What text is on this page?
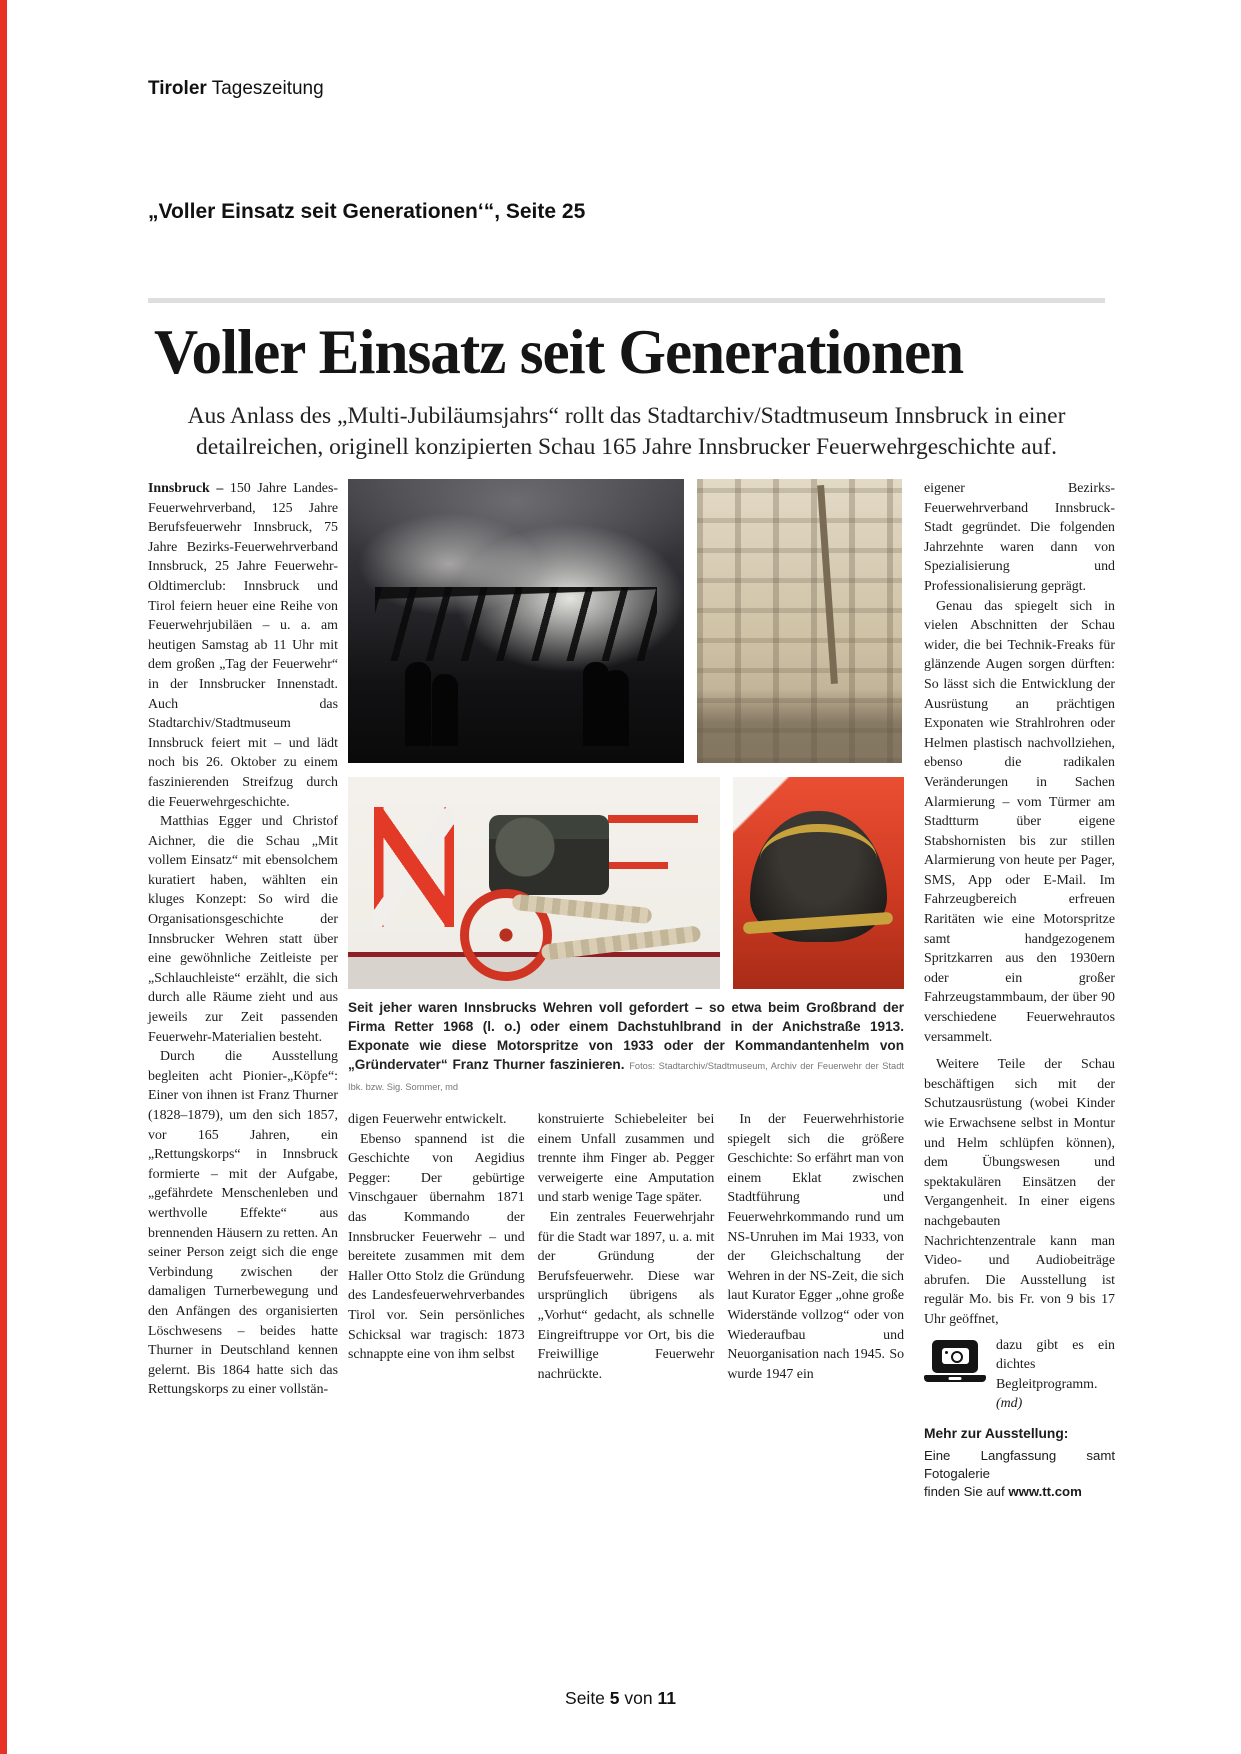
Tiroler Tageszeitung
„Voller Einsatz seit Generationen‘“, Seite 25
Voller Einsatz seit Generationen

Aus Anlass des „Multi-Jubiläumsjahrs“ rollt das Stadtarchiv/Stadtmuseum Innsbruck in einer detailreichen, originell konzipierten Schau 165 Jahre Innsbrucker Feuerwehrgeschichte auf.

Innsbruck – 150 Jahre Landes-Feuerwehrverband, 125 Jahre Berufsfeuerwehr Innsbruck, 75 Jahre Bezirks-Feuerwehrverband Innsbruck, 25 Jahre Feuerwehr-Oldtimerclub: Innsbruck und Tirol feiern heuer eine Reihe von Feuerwehrjubiläen – u. a. am heutigen Samstag ab 11 Uhr mit dem großen „Tag der Feuerwehr“ in der Innsbrucker Innenstadt. Auch das Stadtarchiv/Stadtmuseum Innsbruck feiert mit – und lädt noch bis 26. Oktober zu einem faszinierenden Streifzug durch die Feuerwehrgeschichte.

Matthias Egger und Christof Aichner, die die Schau „Mit vollem Einsatz“ mit ebensolchem kuratiert haben, wählten ein kluges Konzept: So wird die Organisationsgeschichte der Innsbrucker Wehren statt über eine gewöhnliche Zeitleiste per „Schlauchleiste“ erzählt, die sich durch alle Räume zieht und aus jeweils zur Zeit passenden Feuerwehr-Materialien besteht.

Durch die Ausstellung begleiten acht Pionier-„Köpfe“: Einer von ihnen ist Franz Thurner (1828–1879), um den sich 1857, vor 165 Jahren, ein „Rettungskorps“ in Innsbruck formierte – mit der Aufgabe, „gefährdete Menschenleben und werthvolle Effekte“ aus brennenden Häusern zu retten. An seiner Person zeigt sich die enge Verbindung zwischen der damaligen Turnerbewegung und den Anfängen des organisierten Löschwesens – beides hatte Thurner in Deutschland kennen gelernt. Bis 1864 hatte sich das Rettungskorps zu einer vollstän-

Seit jeher waren Innsbrucks Wehren voll gefordert – so etwa beim Großbrand der Firma Retter 1968 (l. o.) oder einem Dachstuhlbrand in der Anichstraße 1913. Exponate wie diese Motorspritze von 1933 oder der Kommandantenhelm von „Gründervater“ Franz Thurner faszinieren. Fotos: Stadtarchiv/Stadtmuseum, Archiv der Feuerwehr der Stadt Ibk. bzw. Sig. Sommer, md

digen Feuerwehr entwickelt.

Ebenso spannend ist die Geschichte von Aegidius Pegger: Der gebürtige Vinschgauer übernahm 1871 das Kommando der Innsbrucker Feuerwehr – und bereitete zusammen mit dem Haller Otto Stolz die Gründung des Landesfeuerwehrverbandes Tirol vor. Sein persönliches Schicksal war tragisch: 1873 schnappte eine von ihm selbst

konstruierte Schiebeleiter bei einem Unfall zusammen und trennte ihm Finger ab. Pegger verweigerte eine Amputation und starb wenige Tage später.

Ein zentrales Feuerwehrjahr für die Stadt war 1897, u. a. mit der Gründung der Berufsfeuerwehr. Diese war ursprünglich übrigens als „Vorhut“ gedacht, als schnelle Eingreiftruppe vor Ort, bis die Freiwillige Feuerwehr nachrückte.

In der Feuerwehrhistorie spiegelt sich die größere Geschichte: So erfährt man von einem Eklat zwischen Stadtführung und Feuerwehrkommando rund um NS-Unruhen im Mai 1933, von der Gleichschaltung der Wehren in der NS-Zeit, die sich laut Kurator Egger „ohne große Widerstände vollzog“ oder von Wiederaufbau und Neuorganisation nach 1945. So wurde 1947 ein

eigener Bezirks-Feuerwehrverband Innsbruck-Stadt gegründet. Die folgenden Jahrzehnte waren dann von Spezialisierung und Professionalisierung geprägt.

Genau das spiegelt sich in vielen Abschnitten der Schau wider, die bei Technik-Freaks für glänzende Augen sorgen dürften: So lässt sich die Entwicklung der Ausrüstung an prächtigen Exponaten wie Strahlrohren oder Helmen plastisch nachvollziehen, ebenso die radikalen Veränderungen in Sachen Alarmierung – vom Türmer am Stadtturm über eigene Stabshornisten bis zur stillen Alarmierung von heute per Pager, SMS, App oder E-Mail. Im Fahrzeugbereich erfreuen Raritäten wie eine Motorspritze samt handgezogenem Spritzkarren aus den 1930ern oder ein großer Fahrzeugstammbaum, der über 90 verschiedene Feuerwehrautos versammelt.

Weitere Teile der Schau beschäftigen sich mit der Schutzausrüstung (wobei Kinder wie Erwachsene selbst in Montur und Helm schlüpfen können), dem Übungswesen und spektakulären Einsätzen der Vergangenheit. In einer eigens nachgebauten Nachrichtenzentrale kann man Video- und Audiobeiträge abrufen. Die Ausstellung ist regulär Mo. bis Fr. von 9 bis 17 Uhr geöffnet,

dazu gibt es ein dichtes Begleitprogramm. (md)

Mehr zur Ausstellung:

Eine Langfassung samt Fotogalerie
finden Sie auf www.tt.com

Seite 5 von 11
